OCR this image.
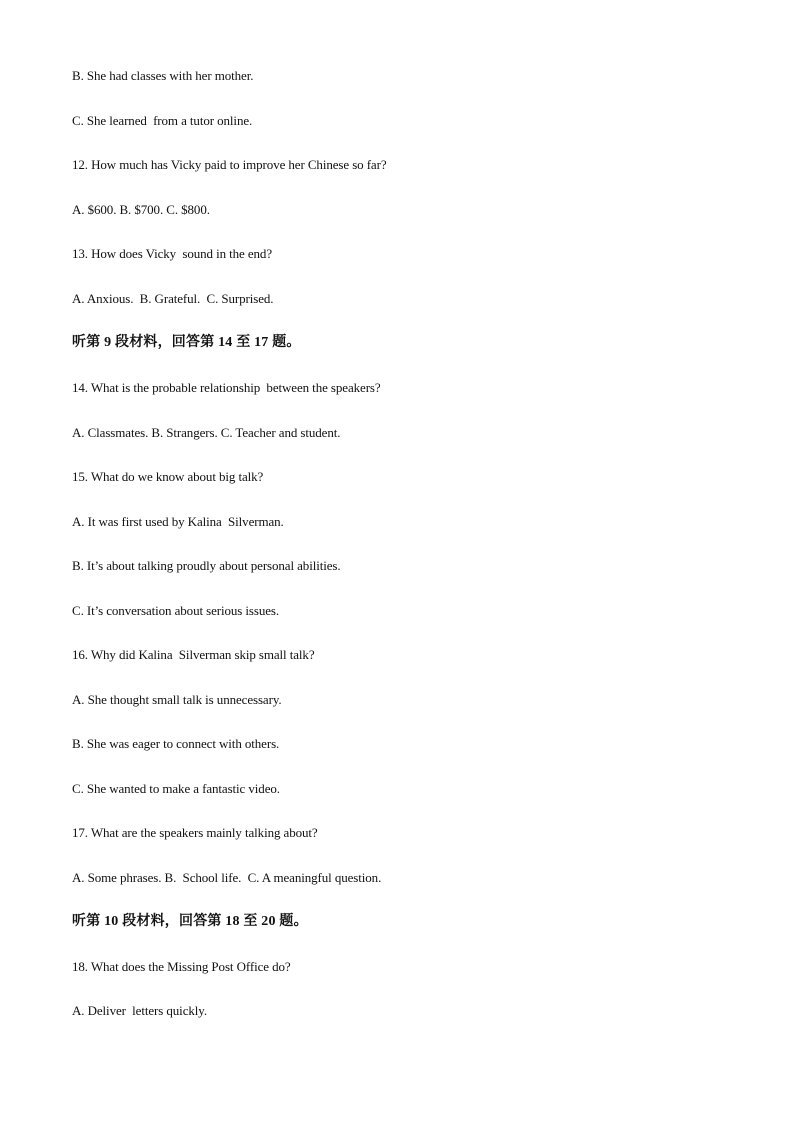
B. She had classes with her mother.
C. She learned  from a tutor online.
12. How much has Vicky paid to improve her Chinese so far?
A. $600. B. $700. C. $800.
13. How does Vicky  sound in the end?
A. Anxious.  B. Grateful.  C. Surprised.
听第 9 段材料，回答第 14 至 17 题。
14. What is the probable relationship  between the speakers?
A. Classmates. B. Strangers. C. Teacher and student.
15. What do we know about big talk?
A. It was first used by Kalina  Silverman.
B. It’s about talking proudly about personal abilities.
C. It’s conversation about serious issues.
16. Why did Kalina  Silverman skip small talk?
A. She thought small talk is unnecessary.
B. She was eager to connect with others.
C. She wanted to make a fantastic video.
17. What are the speakers mainly talking about?
A. Some phrases. B.  School life.  C. A meaningful question.
听第 10 段材料，回答第 18 至 20 题。
18. What does the Missing Post Office do?
A. Deliver  letters quickly.
